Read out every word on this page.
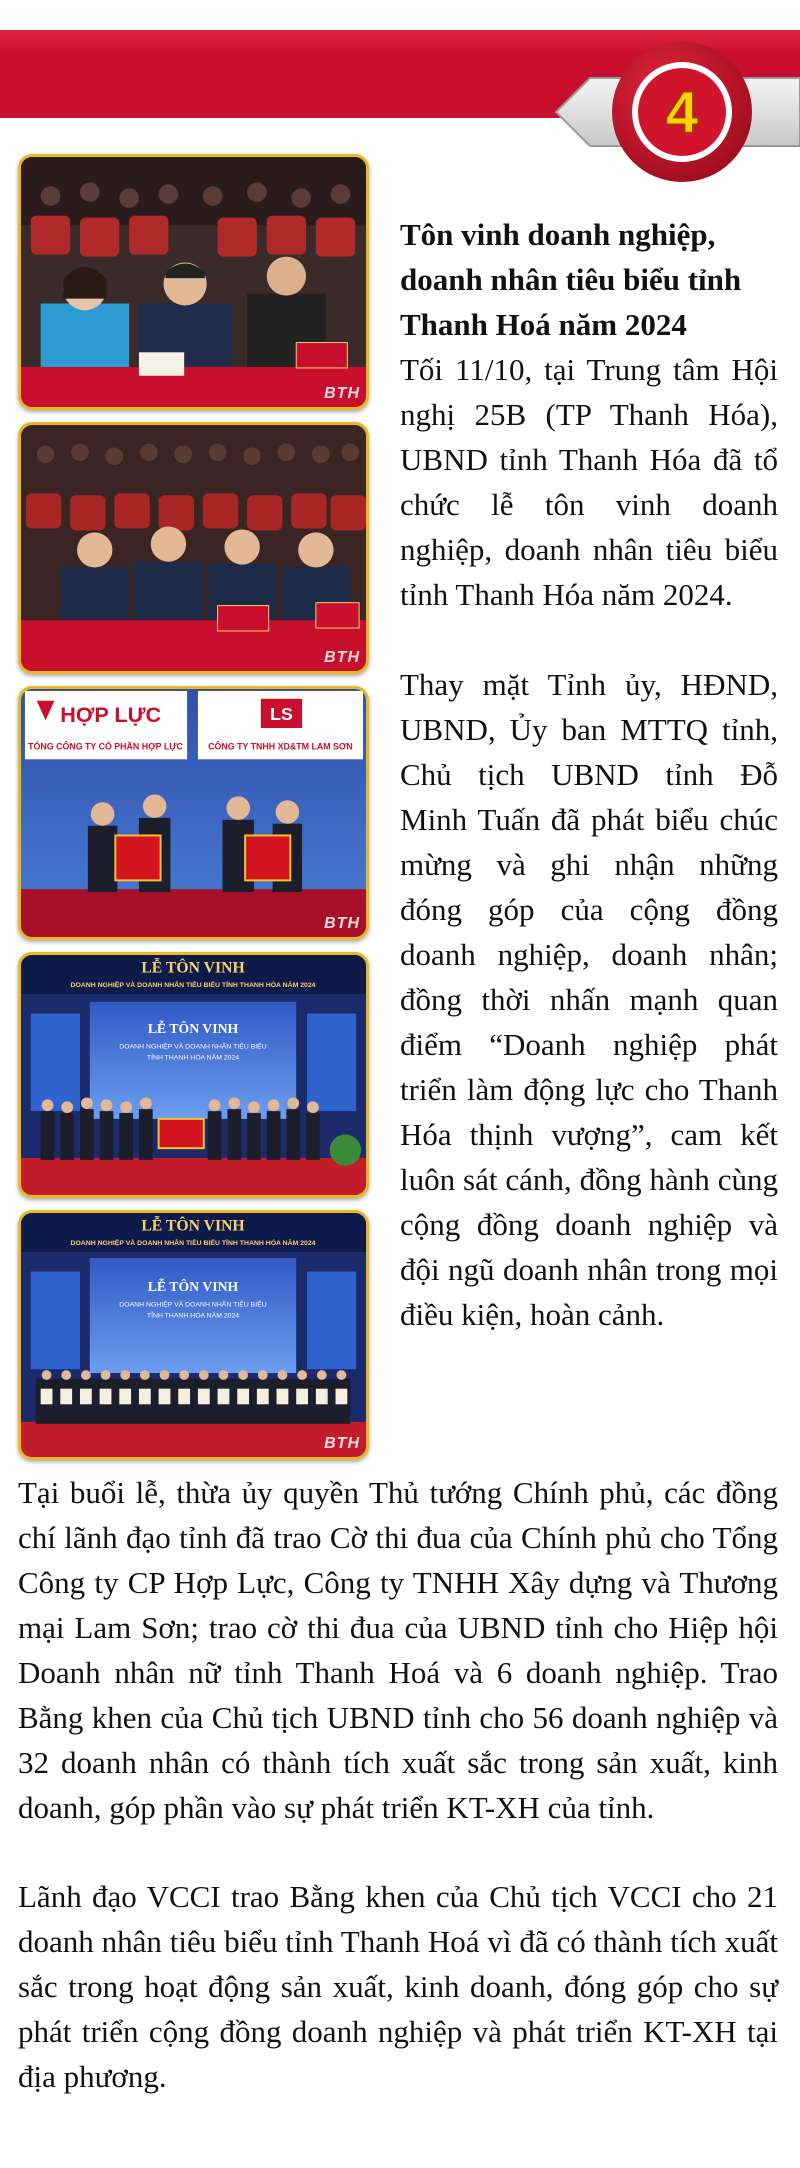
4
BTH
BTH
HỢP LỰC
TỔNG CÔNG TY CỔ PHẦN HỢP LỰC
LS
CÔNG TY TNHH XD&TM LAM SƠN
BTH
LỄ TÔN VINH
DOANH NGHIỆP VÀ DOANH NHÂN TIÊU BIỂU TỈNH THANH HÓA NĂM 2024
LỄ TÔN VINH
DOANH NGHIỆP VÀ DOANH NHÂN TIÊU BIỂU
TỈNH THANH HÓA NĂM 2024
LỄ TÔN VINH
DOANH NGHIỆP VÀ DOANH NHÂN TIÊU BIỂU TỈNH THANH HÓA NĂM 2024
LỄ TÔN VINH
DOANH NGHIỆP VÀ DOANH NHÂN TIÊU BIỂU
TỈNH THANH HÓA NĂM 2024
BTH
Tôn vinh doanh nghiệp, doanh nhân tiêu biểu tỉnh Thanh Hoá năm 2024

Tối 11/10, tại Trung tâm Hội nghị 25B (TP Thanh Hóa), UBND tỉnh Thanh Hóa đã tổ chức lễ tôn vinh doanh nghiệp, doanh nhân tiêu biểu tỉnh Thanh Hóa năm 2024.

Thay mặt Tỉnh ủy, HĐND, UBND, Ủy ban MTTQ tỉnh, Chủ tịch UBND tỉnh Đỗ Minh Tuấn đã phát biểu chúc mừng và ghi nhận những đóng góp của cộng đồng doanh nghiệp, doanh nhân; đồng thời nhấn mạnh quan điểm “Doanh nghiệp phát triển làm động lực cho Thanh Hóa thịnh vượng”, cam kết luôn sát cánh, đồng hành cùng cộng đồng doanh nghiệp và đội ngũ doanh nhân trong mọi điều kiện, hoàn cảnh.

Tại buổi lễ, thừa ủy quyền Thủ tướng Chính phủ, các đồng chí lãnh đạo tỉnh đã trao Cờ thi đua của Chính phủ cho Tổng Công ty CP Hợp Lực, Công ty TNHH Xây dựng và Thương mại Lam Sơn; trao cờ thi đua của UBND tỉnh cho Hiệp hội Doanh nhân nữ tỉnh Thanh Hoá và 6 doanh nghiệp. Trao Bằng khen của Chủ tịch UBND tỉnh cho 56 doanh nghiệp và 32 doanh nhân có thành tích xuất sắc trong sản xuất, kinh doanh, góp phần vào sự phát triển KT-XH của tỉnh.

Lãnh đạo VCCI trao Bằng khen của Chủ tịch VCCI cho 21 doanh nhân tiêu biểu tỉnh Thanh Hoá vì đã có thành tích xuất sắc trong hoạt động sản xuất, kinh doanh, đóng góp cho sự phát triển cộng đồng doanh nghiệp và phát triển KT-XH tại địa phương.
